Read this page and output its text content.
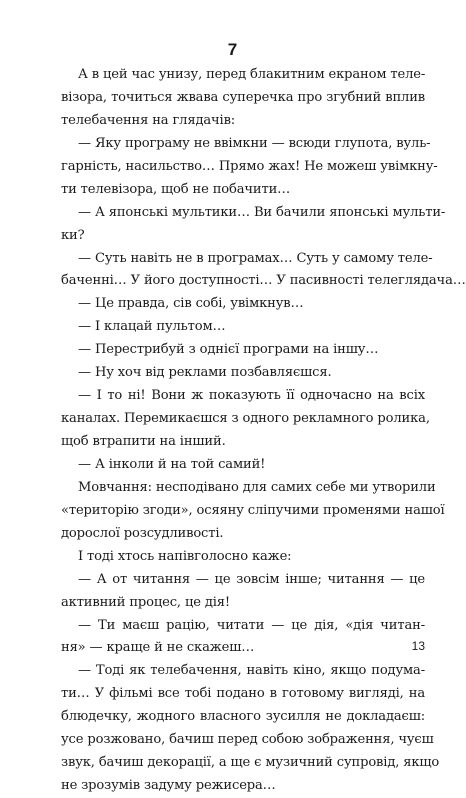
7
А в цей час унизу, перед блакитним екраном теле-
візора, точиться жвава суперечка про згубний вплив
телебачення на глядачів:
— Яку програму не ввімкни — всюди глупота, вуль-
гарність, насильство… Прямо жах! Не можеш увімкну-
ти телевізора, щоб не побачити…
— А японські мультики… Ви бачили японські мульти-
ки?
— Суть навіть не в програмах… Суть у самому теле-
баченні… У його доступності… У пасивності телеглядача…
— Це правда, сів собі, увімкнув…
— І клацай пультом…
— Перестрибуй з однієї програми на іншу…
— Ну хоч від реклами позбавляєшся.
— І то ні! Вони ж показують її одночасно на всіх
каналах. Перемикаєшся з одного рекламного ролика,
щоб втрапити на інший.
— А інколи й на той самий!
Мовчання: несподівано для самих себе ми утворили
«територію згоди», осяяну сліпучими променями нашої
дорослої розсудливості.
І тоді хтось напівголосно каже:
— А от читання — це зовсім інше; читання — це
активний процес, це дія!
— Ти маєш рацію, читати — це дія, «дія читан-
ня» — краще й не скажеш…
— Тоді як телебачення, навіть кіно, якщо подума-
ти… У фільмі все тобі подано в готовому вигляді, на
блюдечку, жодного власного зусилля не докладаєш:
усе розжовано, бачиш перед собою зображення, чуєш
звук, бачиш декорації, а ще є музичний супровід, якщо
не зрозумів задуму режисера…
13
